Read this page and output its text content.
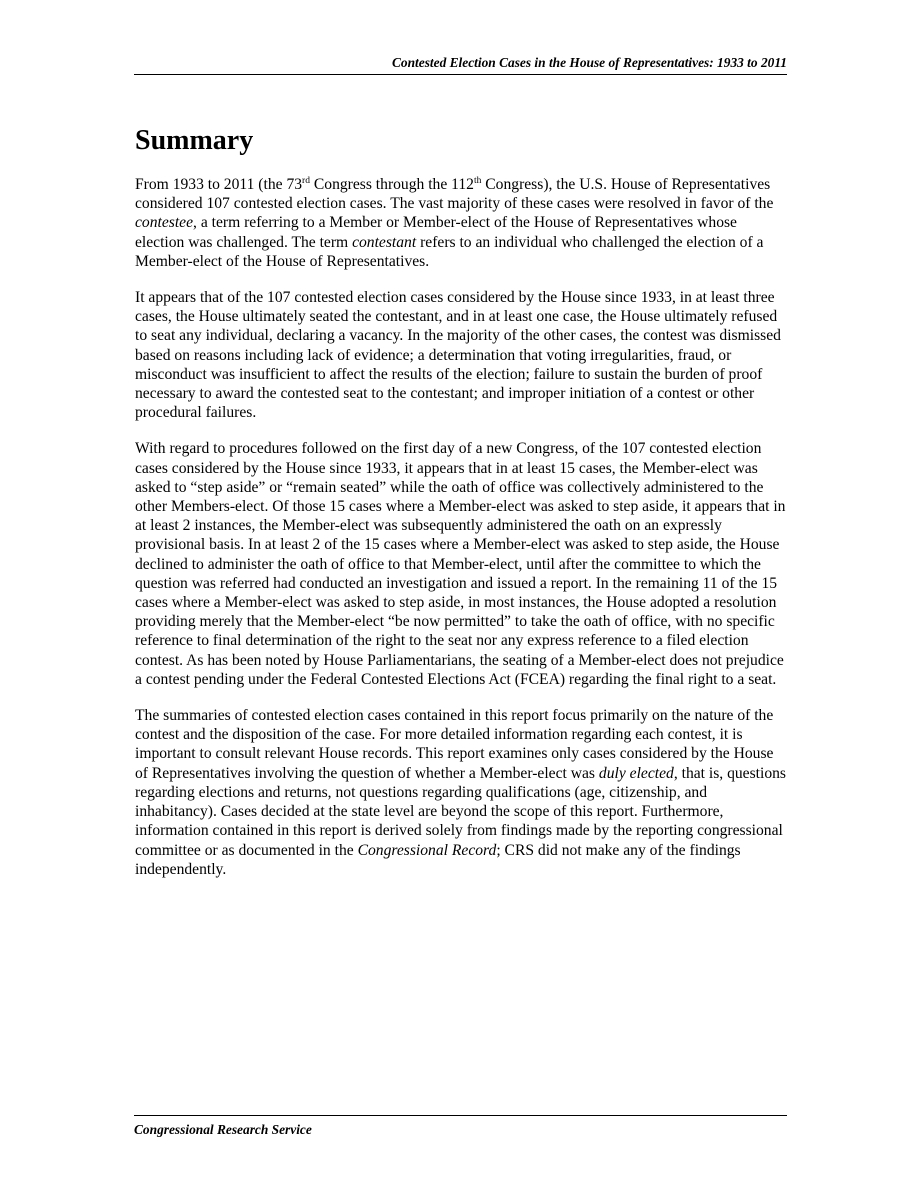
Contested Election Cases in the House of Representatives: 1933 to 2011
Summary

From 1933 to 2011 (the 73rd Congress through the 112th Congress), the U.S. House of Representatives considered 107 contested election cases. The vast majority of these cases were resolved in favor of the contestee, a term referring to a Member or Member-elect of the House of Representatives whose election was challenged. The term contestant refers to an individual who challenged the election of a Member-elect of the House of Representatives.

It appears that of the 107 contested election cases considered by the House since 1933, in at least three cases, the House ultimately seated the contestant, and in at least one case, the House ultimately refused to seat any individual, declaring a vacancy. In the majority of the other cases, the contest was dismissed based on reasons including lack of evidence; a determination that voting irregularities, fraud, or misconduct was insufficient to affect the results of the election; failure to sustain the burden of proof necessary to award the contested seat to the contestant; and improper initiation of a contest or other procedural failures.

With regard to procedures followed on the first day of a new Congress, of the 107 contested election cases considered by the House since 1933, it appears that in at least 15 cases, the Member-elect was asked to “step aside” or “remain seated” while the oath of office was collectively administered to the other Members-elect. Of those 15 cases where a Member-elect was asked to step aside, it appears that in at least 2 instances, the Member-elect was subsequently administered the oath on an expressly provisional basis. In at least 2 of the 15 cases where a Member-elect was asked to step aside, the House declined to administer the oath of office to that Member-elect, until after the committee to which the question was referred had conducted an investigation and issued a report. In the remaining 11 of the 15 cases where a Member-elect was asked to step aside, in most instances, the House adopted a resolution providing merely that the Member-elect “be now permitted” to take the oath of office, with no specific reference to final determination of the right to the seat nor any express reference to a filed election contest. As has been noted by House Parliamentarians, the seating of a Member-elect does not prejudice a contest pending under the Federal Contested Elections Act (FCEA) regarding the final right to a seat.

The summaries of contested election cases contained in this report focus primarily on the nature of the contest and the disposition of the case. For more detailed information regarding each contest, it is important to consult relevant House records. This report examines only cases considered by the House of Representatives involving the question of whether a Member-elect was duly elected, that is, questions regarding elections and returns, not questions regarding qualifications (age, citizenship, and inhabitancy). Cases decided at the state level are beyond the scope of this report. Furthermore, information contained in this report is derived solely from findings made by the reporting congressional committee or as documented in the Congressional Record; CRS did not make any of the findings independently.

Congressional Research Service
